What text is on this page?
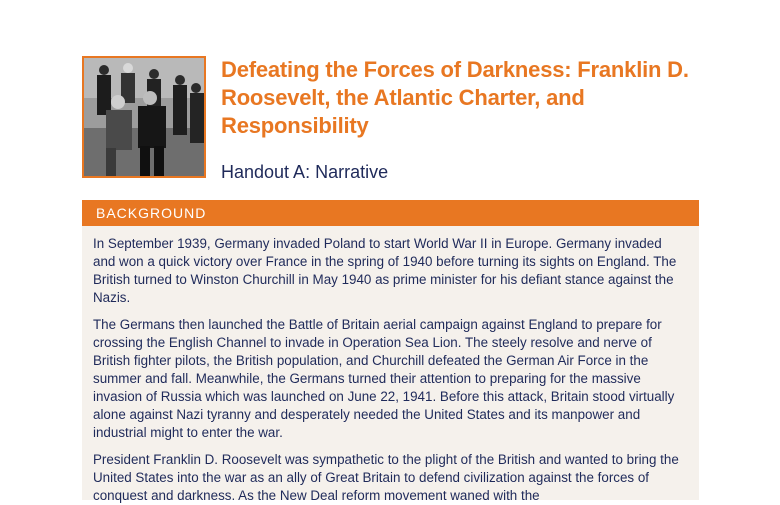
Defeating the Forces of Darkness: Franklin D. Roosevelt, the Atlantic Charter, and Responsibility
Handout A: Narrative
BACKGROUND

In September 1939, Germany invaded Poland to start World War II in Europe. Germany invaded and won a quick victory over France in the spring of 1940 before turning its sights on England. The British turned to Winston Churchill in May 1940 as prime minister for his defiant stance against the Nazis.

The Germans then launched the Battle of Britain aerial campaign against England to prepare for crossing the English Channel to invade in Operation Sea Lion. The steely resolve and nerve of British fighter pilots, the British population, and Churchill defeated the German Air Force in the summer and fall. Meanwhile, the Germans turned their attention to preparing for the massive invasion of Russia which was launched on June 22, 1941. Before this attack, Britain stood virtually alone against Nazi tyranny and desperately needed the United States and its manpower and industrial might to enter the war.

President Franklin D. Roosevelt was sympathetic to the plight of the British and wanted to bring the United States into the war as an ally of Great Britain to defend civilization against the forces of conquest and darkness. As the New Deal reform movement waned with the
